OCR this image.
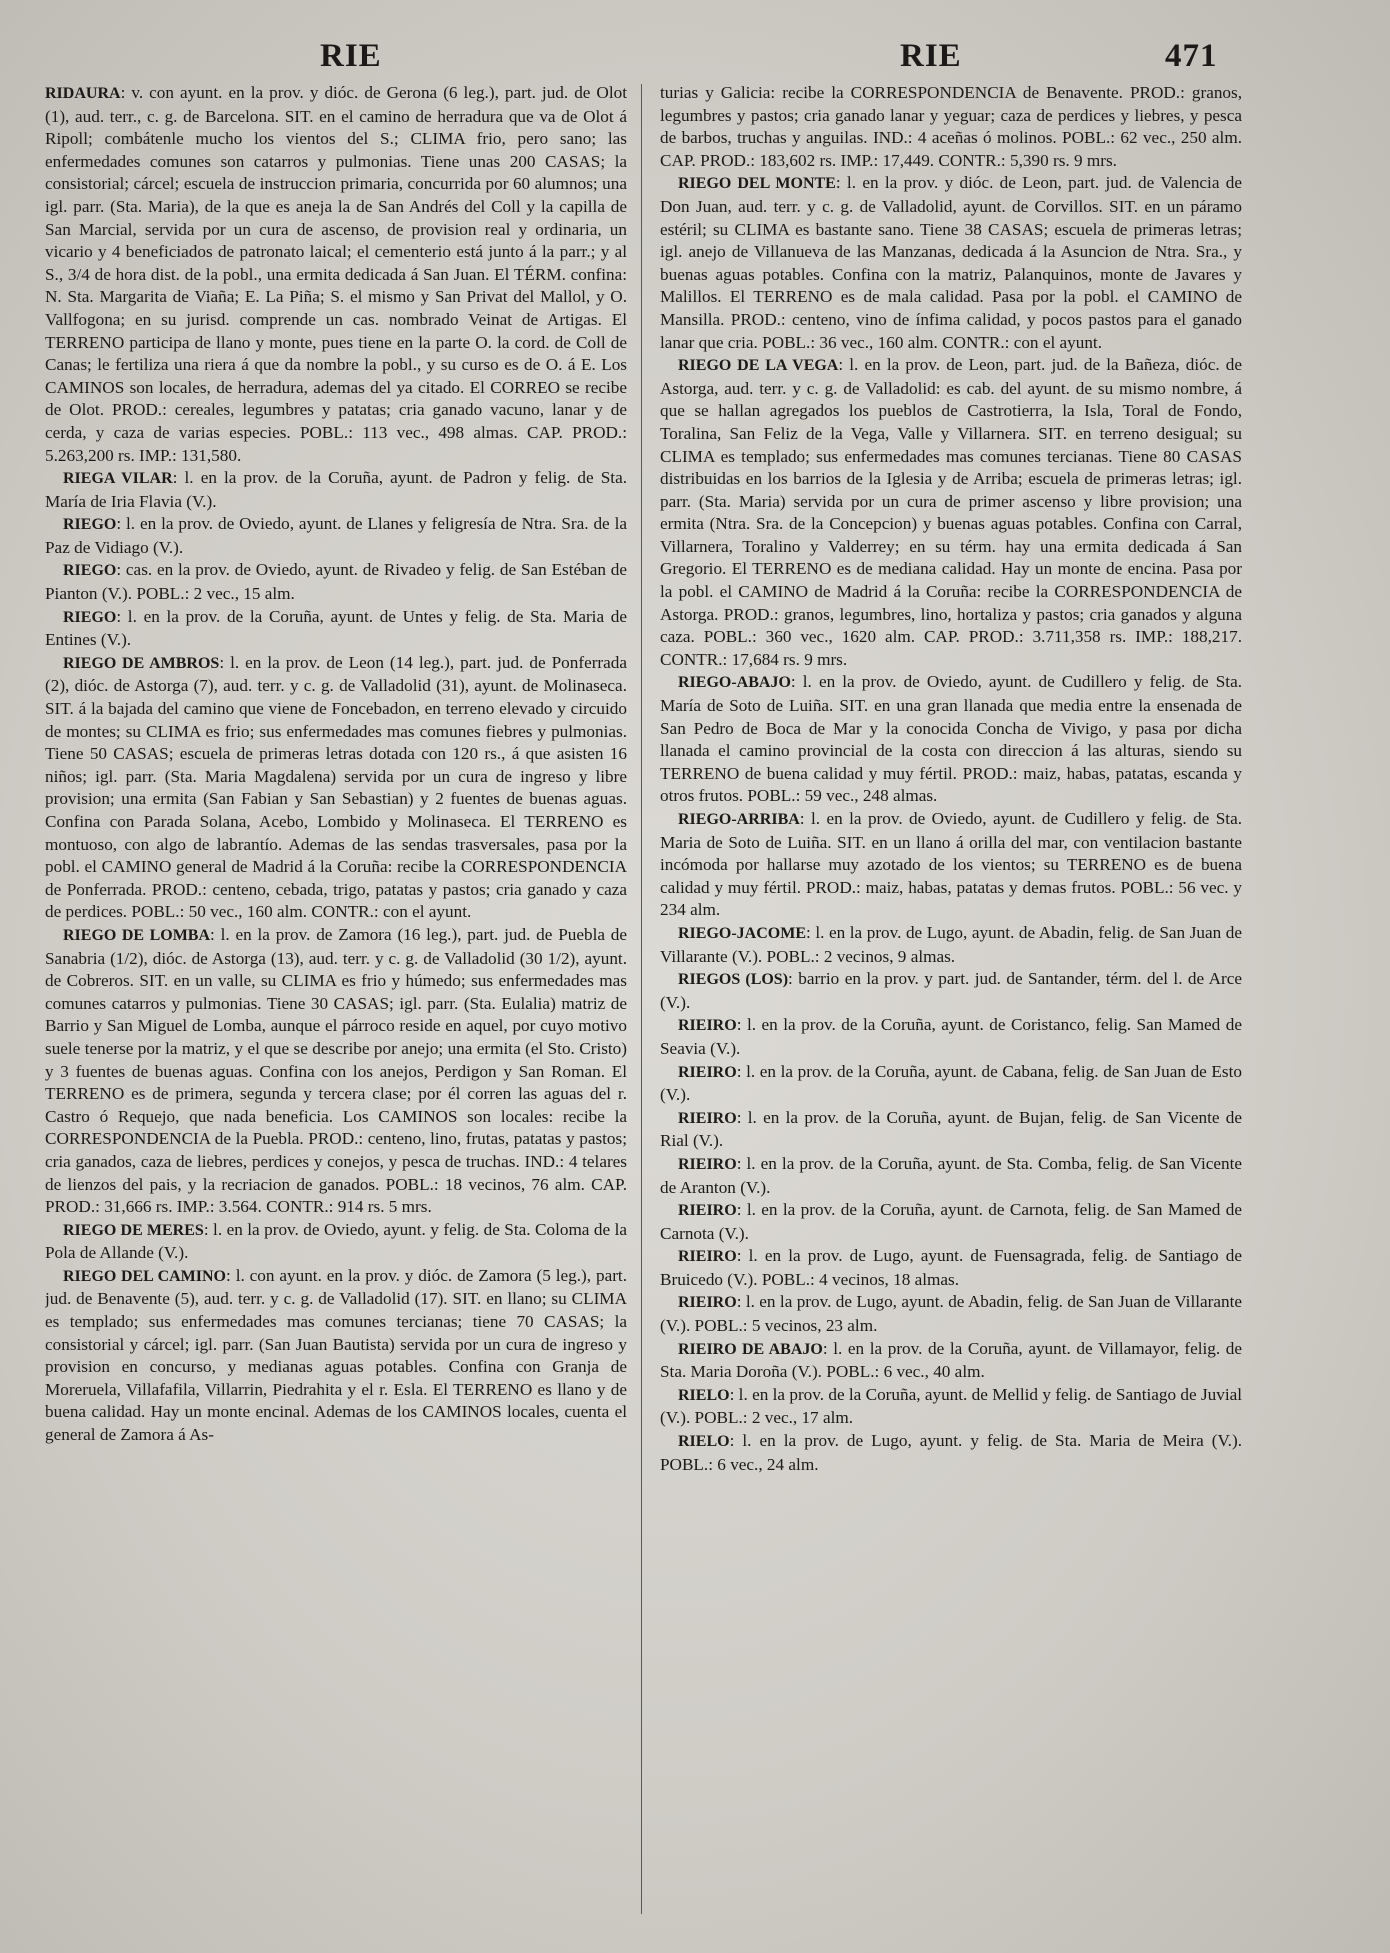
RIE	RIE	471

RIDAURA: v. con ayunt. en la prov. y dióc. de Gerona (6 leg.), part. jud. de Olot (1), aud. terr., c. g. de Barcelona. SIT. en el camino de herradura que va de Olot á Ripoll; combátenle mucho los vientos del S.; CLIMA frio, pero sano; las enfermedades comunes son catarros y pulmonias. Tiene unas 200 CASAS; la consistorial; cárcel; escuela de instruccion primaria, concurrida por 60 alumnos; una igl. parr. (Sta. Maria), de la que es aneja la de San Andrés del Coll y la capilla de San Marcial, servida por un cura de ascenso, de provision real y ordinaria, un vicario y 4 beneficiados de patronato laical; el cementerio está junto á la parr.; y al S., 3/4 de hora dist. de la pobl., una ermita dedicada á San Juan. El TÉRM. confina: N. Sta. Margarita de Viaña; E. La Piña; S. el mismo y San Privat del Mallol, y O. Vallfogona; en su jurisd. comprende un cas. nombrado Veinat de Artigas. El TERRENO participa de llano y monte, pues tiene en la parte O. la cord. de Coll de Canas; le fertiliza una riera á que da nombre la pobl., y su curso es de O. á E. Los CAMINOS son locales, de herradura, ademas del ya citado. El CORREO se recibe de Olot. PROD.: cereales, legumbres y patatas; cria ganado vacuno, lanar y de cerda, y caza de varias especies. POBL.: 113 vec., 498 almas. CAP. PROD.: 5.263,200 rs. IMP.: 131,580.

RIEGA VILAR: l. en la prov. de la Coruña, ayunt. de Padron y felig. de Sta. María de Iria Flavia (V.).

RIEGO: l. en la prov. de Oviedo, ayunt. de Llanes y feligresía de Ntra. Sra. de la Paz de Vidiago (V.).

RIEGO: cas. en la prov. de Oviedo, ayunt. de Rivadeo y felig. de San Estéban de Pianton (V.). POBL.: 2 vec., 15 alm.

RIEGO: l. en la prov. de la Coruña, ayunt. de Untes y felig. de Sta. Maria de Entines (V.).

RIEGO DE AMBROS: l. en la prov. de Leon (14 leg.), part. jud. de Ponferrada (2), dióc. de Astorga (7), aud. terr. y c. g. de Valladolid (31), ayunt. de Molinaseca. SIT. á la bajada del camino que viene de Foncebadon, en terreno elevado y circuido de montes; su CLIMA es frio; sus enfermedades mas comunes fiebres y pulmonias. Tiene 50 CASAS; escuela de primeras letras dotada con 120 rs., á que asisten 16 niños; igl. parr. (Sta. Maria Magdalena) servida por un cura de ingreso y libre provision; una ermita (San Fabian y San Sebastian) y 2 fuentes de buenas aguas. Confina con Parada Solana, Acebo, Lombido y Molinaseca. El TERRENO es montuoso, con algo de labrantío. Ademas de las sendas trasversales, pasa por la pobl. el CAMINO general de Madrid á la Coruña: recibe la CORRESPONDENCIA de Ponferrada. PROD.: centeno, cebada, trigo, patatas y pastos; cria ganado y caza de perdices. POBL.: 50 vec., 160 alm. CONTR.: con el ayunt.

RIEGO DE LOMBA: l. en la prov. de Zamora (16 leg.), part. jud. de Puebla de Sanabria (1/2), dióc. de Astorga (13), aud. terr. y c. g. de Valladolid (30 1/2), ayunt. de Cobreros. SIT. en un valle, su CLIMA es frio y húmedo; sus enfermedades mas comunes catarros y pulmonias. Tiene 30 CASAS; igl. parr. (Sta. Eulalia) matriz de Barrio y San Miguel de Lomba, aunque el párroco reside en aquel, por cuyo motivo suele tenerse por la matriz, y el que se describe por anejo; una ermita (el Sto. Cristo) y 3 fuentes de buenas aguas. Confina con los anejos, Perdigon y San Roman. El TERRENO es de primera, segunda y tercera clase; por él corren las aguas del r. Castro ó Requejo, que nada beneficia. Los CAMINOS son locales: recibe la CORRESPONDENCIA de la Puebla. PROD.: centeno, lino, frutas, patatas y pastos; cria ganados, caza de liebres, perdices y conejos, y pesca de truchas. IND.: 4 telares de lienzos del pais, y la recriacion de ganados. POBL.: 18 vecinos, 76 alm. CAP. PROD.: 31,666 rs. IMP.: 3.564. CONTR.: 914 rs. 5 mrs.

RIEGO DE MERES: l. en la prov. de Oviedo, ayunt. y felig. de Sta. Coloma de la Pola de Allande (V.).

RIEGO DEL CAMINO: l. con ayunt. en la prov. y dióc. de Zamora (5 leg.), part. jud. de Benavente (5), aud. terr. y c. g. de Valladolid (17). SIT. en llano; su CLIMA es templado; sus enfermedades mas comunes tercianas; tiene 70 CASAS; la consistorial y cárcel; igl. parr. (San Juan Bautista) servida por un cura de ingreso y provision en concurso, y medianas aguas potables. Confina con Granja de Moreruela, Villafafila, Villarrin, Piedrahita y el r. Esla. El TERRENO es llano y de buena calidad. Hay un monte encinal. Ademas de los CAMINOS locales, cuenta el general de Zamora á As-

turias y Galicia: recibe la CORRESPONDENCIA de Benavente. PROD.: granos, legumbres y pastos; cria ganado lanar y yeguar; caza de perdices y liebres, y pesca de barbos, truchas y anguilas. IND.: 4 aceñas ó molinos. POBL.: 62 vec., 250 alm. CAP. PROD.: 183,602 rs. IMP.: 17,449. CONTR.: 5,390 rs. 9 mrs.

RIEGO DEL MONTE: l. en la prov. y dióc. de Leon, part. jud. de Valencia de Don Juan, aud. terr. y c. g. de Valladolid, ayunt. de Corvillos. SIT. en un páramo estéril; su CLIMA es bastante sano. Tiene 38 CASAS; escuela de primeras letras; igl. anejo de Villanueva de las Manzanas, dedicada á la Asuncion de Ntra. Sra., y buenas aguas potables. Confina con la matriz, Palanquinos, monte de Javares y Malillos. El TERRENO es de mala calidad. Pasa por la pobl. el CAMINO de Mansilla. PROD.: centeno, vino de ínfima calidad, y pocos pastos para el ganado lanar que cria. POBL.: 36 vec., 160 alm. CONTR.: con el ayunt.

RIEGO DE LA VEGA: l. en la prov. de Leon, part. jud. de la Bañeza, dióc. de Astorga, aud. terr. y c. g. de Valladolid: es cab. del ayunt. de su mismo nombre, á que se hallan agregados los pueblos de Castrotierra, la Isla, Toral de Fondo, Toralina, San Feliz de la Vega, Valle y Villarnera. SIT. en terreno desigual; su CLIMA es templado; sus enfermedades mas comunes tercianas. Tiene 80 CASAS distribuidas en los barrios de la Iglesia y de Arriba; escuela de primeras letras; igl. parr. (Sta. Maria) servida por un cura de primer ascenso y libre provision; una ermita (Ntra. Sra. de la Concepcion) y buenas aguas potables. Confina con Carral, Villarnera, Toralino y Valderrey; en su térm. hay una ermita dedicada á San Gregorio. El TERRENO es de mediana calidad. Hay un monte de encina. Pasa por la pobl. el CAMINO de Madrid á la Coruña: recibe la CORRESPONDENCIA de Astorga. PROD.: granos, legumbres, lino, hortaliza y pastos; cria ganados y alguna caza. POBL.: 360 vec., 1620 alm. CAP. PROD.: 3.711,358 rs. IMP.: 188,217. CONTR.: 17,684 rs. 9 mrs.

RIEGO-ABAJO: l. en la prov. de Oviedo, ayunt. de Cudillero y felig. de Sta. María de Soto de Luiña. SIT. en una gran llanada que media entre la ensenada de San Pedro de Boca de Mar y la conocida Concha de Vivigo, y pasa por dicha llanada el camino provincial de la costa con direccion á las alturas, siendo su TERRENO de buena calidad y muy fértil. PROD.: maiz, habas, patatas, escanda y otros frutos. POBL.: 59 vec., 248 almas.

RIEGO-ARRIBA: l. en la prov. de Oviedo, ayunt. de Cudillero y felig. de Sta. Maria de Soto de Luiña. SIT. en un llano á orilla del mar, con ventilacion bastante incómoda por hallarse muy azotado de los vientos; su TERRENO es de buena calidad y muy fértil. PROD.: maiz, habas, patatas y demas frutos. POBL.: 56 vec. y 234 alm.

RIEGO-JACOME: l. en la prov. de Lugo, ayunt. de Abadin, felig. de San Juan de Villarante (V.). POBL.: 2 vecinos, 9 almas.

RIEGOS (LOS): barrio en la prov. y part. jud. de Santander, térm. del l. de Arce (V.).

RIEIRO: l. en la prov. de la Coruña, ayunt. de Coristanco, felig. San Mamed de Seavia (V.).

RIEIRO: l. en la prov. de la Coruña, ayunt. de Cabana, felig. de San Juan de Esto (V.).

RIEIRO: l. en la prov. de la Coruña, ayunt. de Bujan, felig. de San Vicente de Rial (V.).

RIEIRO: l. en la prov. de la Coruña, ayunt. de Sta. Comba, felig. de San Vicente de Aranton (V.).

RIEIRO: l. en la prov. de la Coruña, ayunt. de Carnota, felig. de San Mamed de Carnota (V.).

RIEIRO: l. en la prov. de Lugo, ayunt. de Fuensagrada, felig. de Santiago de Bruicedo (V.). POBL.: 4 vecinos, 18 almas.

RIEIRO: l. en la prov. de Lugo, ayunt. de Abadin, felig. de San Juan de Villarante (V.). POBL.: 5 vecinos, 23 alm.

RIEIRO DE ABAJO: l. en la prov. de la Coruña, ayunt. de Villamayor, felig. de Sta. Maria Doroña (V.). POBL.: 6 vec., 40 alm.

RIELO: l. en la prov. de la Coruña, ayunt. de Mellid y felig. de Santiago de Juvial (V.). POBL.: 2 vec., 17 alm.

RIELO: l. en la prov. de Lugo, ayunt. y felig. de Sta. Maria de Meira (V.). POBL.: 6 vec., 24 alm.
